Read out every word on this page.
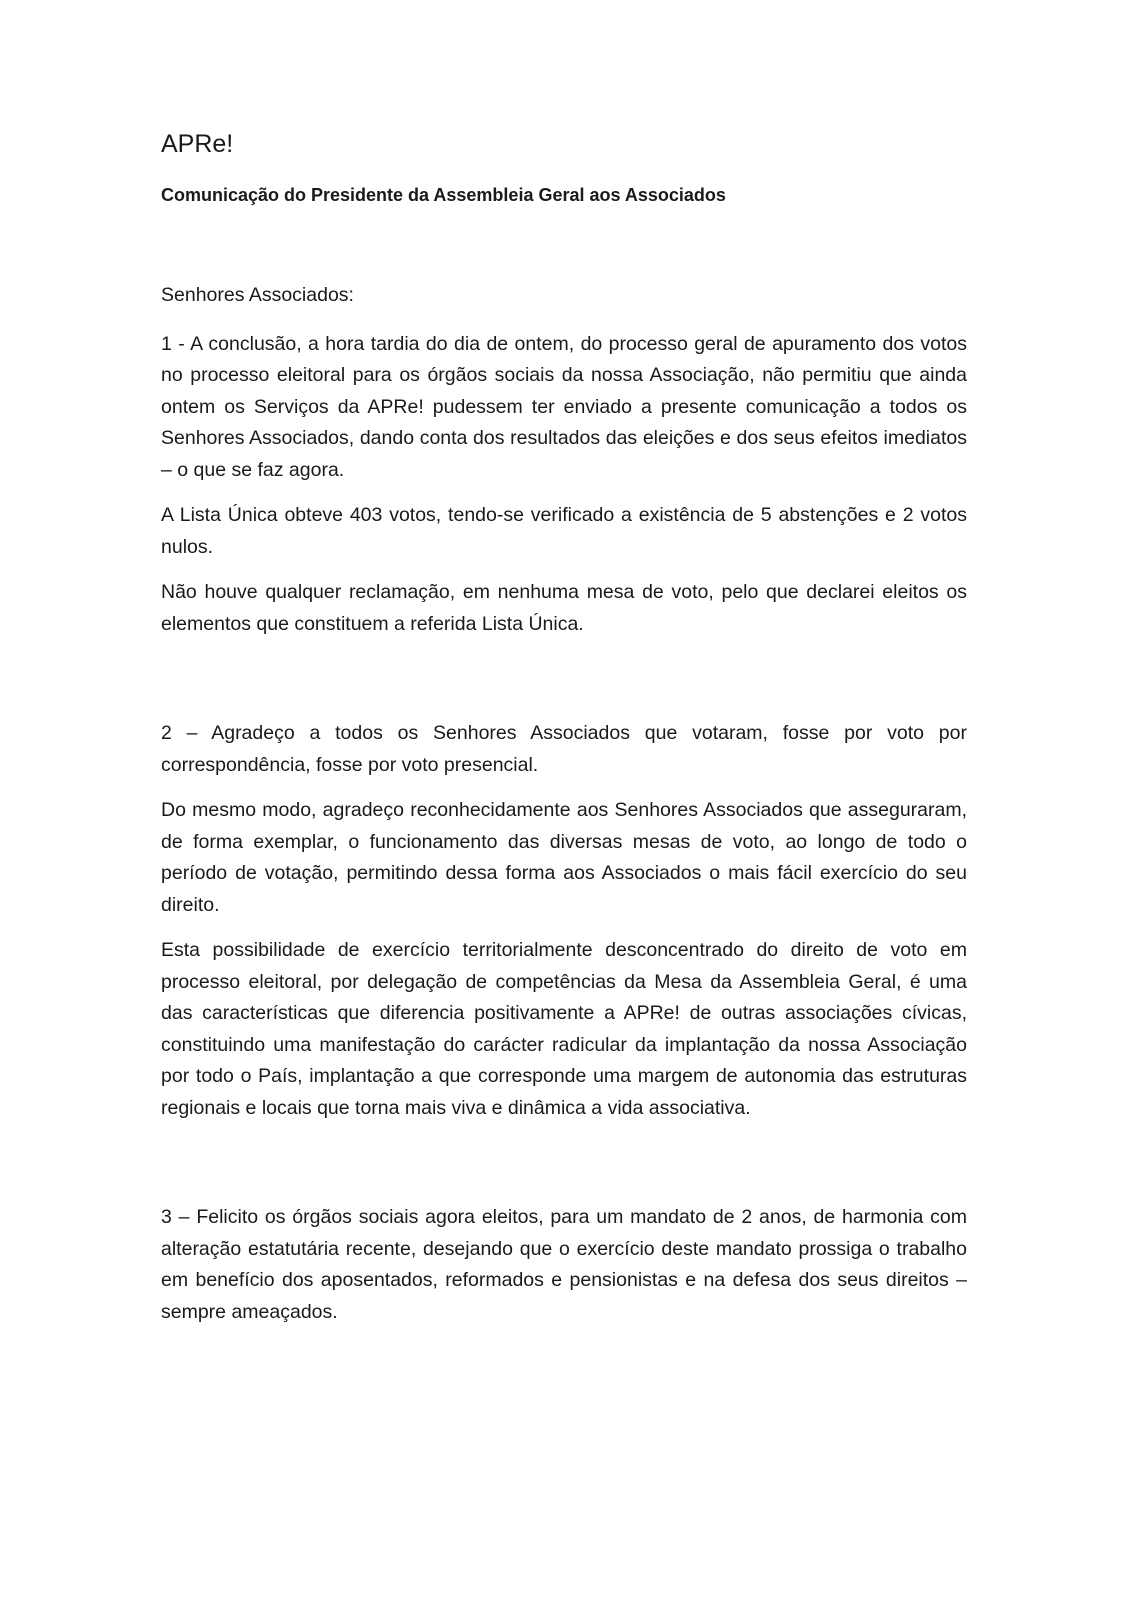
APRe!
Comunicação do Presidente da Assembleia Geral aos Associados

Senhores Associados:

1 - A conclusão, a hora tardia do dia de ontem, do processo geral de apuramento dos votos no processo eleitoral para os órgãos sociais da nossa Associação, não permitiu que ainda ontem os Serviços da APRe! pudessem ter enviado a presente comunicação a todos os Senhores Associados, dando conta dos resultados das eleições e dos seus efeitos imediatos – o que se faz agora.

A Lista Única obteve 403 votos, tendo-se verificado a existência de 5 abstenções e 2 votos nulos.

Não houve qualquer reclamação, em nenhuma mesa de voto, pelo que declarei eleitos os elementos que constituem a referida Lista Única.

2 – Agradeço a todos os Senhores Associados que votaram, fosse por voto por correspondência, fosse por voto presencial.

Do mesmo modo, agradeço reconhecidamente aos Senhores Associados que asseguraram, de forma exemplar, o funcionamento das diversas mesas de voto, ao longo de todo o período de votação, permitindo dessa forma aos Associados o mais fácil exercício do seu direito.

Esta possibilidade de exercício territorialmente desconcentrado do direito de voto em processo eleitoral, por delegação de competências da Mesa da Assembleia Geral, é uma das características que diferencia positivamente a APRe! de outras associações cívicas, constituindo uma manifestação do carácter radicular da implantação da nossa Associação por todo o País, implantação a que corresponde uma margem de autonomia das estruturas regionais e locais que torna mais viva e dinâmica a vida associativa.

3 – Felicito os órgãos sociais agora eleitos, para um mandato de 2 anos, de harmonia com alteração estatutária recente, desejando que o exercício deste mandato prossiga o trabalho em benefício dos aposentados, reformados e pensionistas e na defesa dos seus direitos – sempre ameaçados.
